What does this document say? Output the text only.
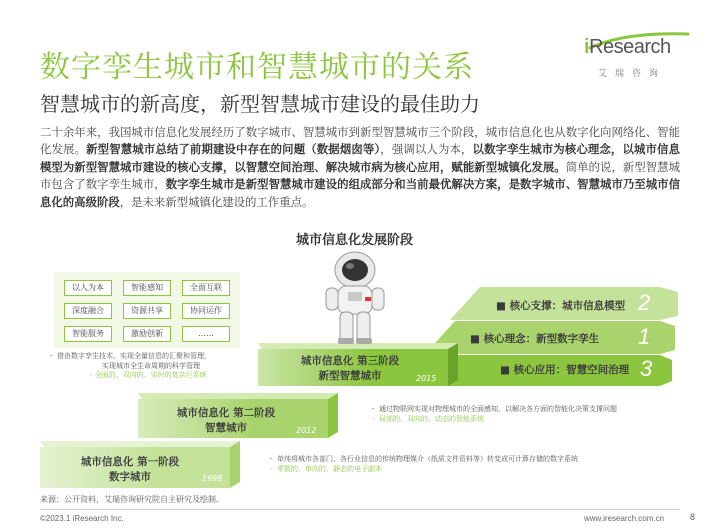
数字孪生城市和智慧城市的关系
智慧城市的新高度，新型智慧城市建设的最佳助力
iResearch
艾瑞咨询
二十余年来，我国城市信息化发展经历了数字城市、智慧城市到新型智慧城市三个阶段，城市信息化也从数字化向网络化、智能化发展。新型智慧城市总结了前期建设中存在的问题（数据烟囱等），强调以人为本，以数字孪生城市为核心理念，以城市信息模型为新型智慧城市建设的核心支撑，以智慧空间治理、解决城市病为核心应用，赋能新型城镇化发展。简单的说，新型智慧城市包含了数字孪生城市，数字孪生城市是新型智慧城市建设的组成部分和当前最优解决方案，是数字城市、智慧城市乃至城市信息化的高级阶段，是未来新型城镇化建设的工作重点。
城市信息化发展阶段
以人为本	智能感知	全面互联
深度融合	资源共享	协同运作
智能服务	激励创新	……
■ 核心支撑：城市信息模型 2
■ 核心理念：新型数字孪生 1
■ 核心应用：智慧空间治理 3
城市信息化 第三阶段
新型智慧城市	2015
城市信息化 第二阶段
智慧城市	2012
城市信息化 第一阶段
数字城市	1998
-  借由数字孪生技术，实现全量信息的汇聚和管理，
实现城市全生命周期的科学管理
- 全面的、双向的、实时的复杂巨系统
-  通过物联网实现对物理城市的全面感知，以解决各方面的智能化决策支撑问题
-  局部的、双向的、动态的智能系统
-  单纯将城市各部门、各行业信息的传统物理媒介（纸质文件资料等）转变成可计算存储的数字系统
-  零散的、单向的、静态的电子副本
来源：公开资料，艾瑞咨询研究院自主研究及绘制。
©2023.1 iResearch Inc.	www.iresearch.com.cn	8
